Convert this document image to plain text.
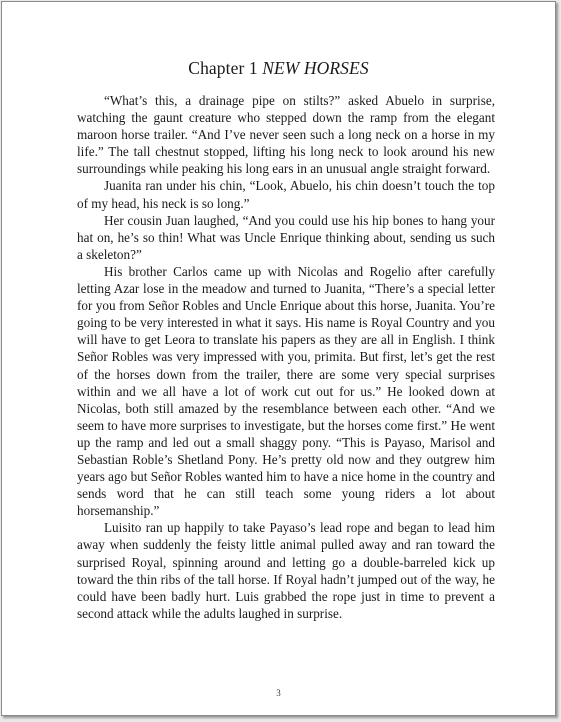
Chapter 1 NEW HORSES

“What’s this, a drainage pipe on stilts?” asked Abuelo in surprise, watching the gaunt creature who stepped down the ramp from the elegant maroon horse trailer. “And I’ve never seen such a long neck on a horse in my life.” The tall chestnut stopped, lifting his long neck to look around his new surroundings while peaking his long ears in an unusual angle straight forward.

Juanita ran under his chin, “Look, Abuelo, his chin doesn’t touch the top of my head, his neck is so long.”

Her cousin Juan laughed, “And you could use his hip bones to hang your hat on, he’s so thin! What was Uncle Enrique thinking about, sending us such a skeleton?”

His brother Carlos came up with Nicolas and Rogelio after carefully letting Azar lose in the meadow and turned to Juanita, “There’s a special letter for you from Señor Robles and Uncle Enrique about this horse, Juanita. You’re going to be very interested in what it says. His name is Royal Country and you will have to get Leora to translate his papers as they are all in English. I think Señor Robles was very impressed with you, primita. But first, let’s get the rest of the horses down from the trailer, there are some very special surprises within and we all have a lot of work cut out for us.” He looked down at Nicolas, both still amazed by the resemblance between each other. “And we seem to have more surprises to investigate, but the horses come first.” He went up the ramp and led out a small shaggy pony. “This is Payaso, Marisol and Sebastian Roble’s Shetland Pony. He’s pretty old now and they outgrew him years ago but Señor Robles wanted him to have a nice home in the country and sends word that he can still teach some young riders a lot about horsemanship.”

Luisito ran up happily to take Payaso’s lead rope and began to lead him away when suddenly the feisty little animal pulled away and ran toward the surprised Royal, spinning around and letting go a double-barreled kick up toward the thin ribs of the tall horse. If Royal hadn’t jumped out of the way, he could have been badly hurt. Luis grabbed the rope just in time to prevent a second attack while the adults laughed in surprise.

3
